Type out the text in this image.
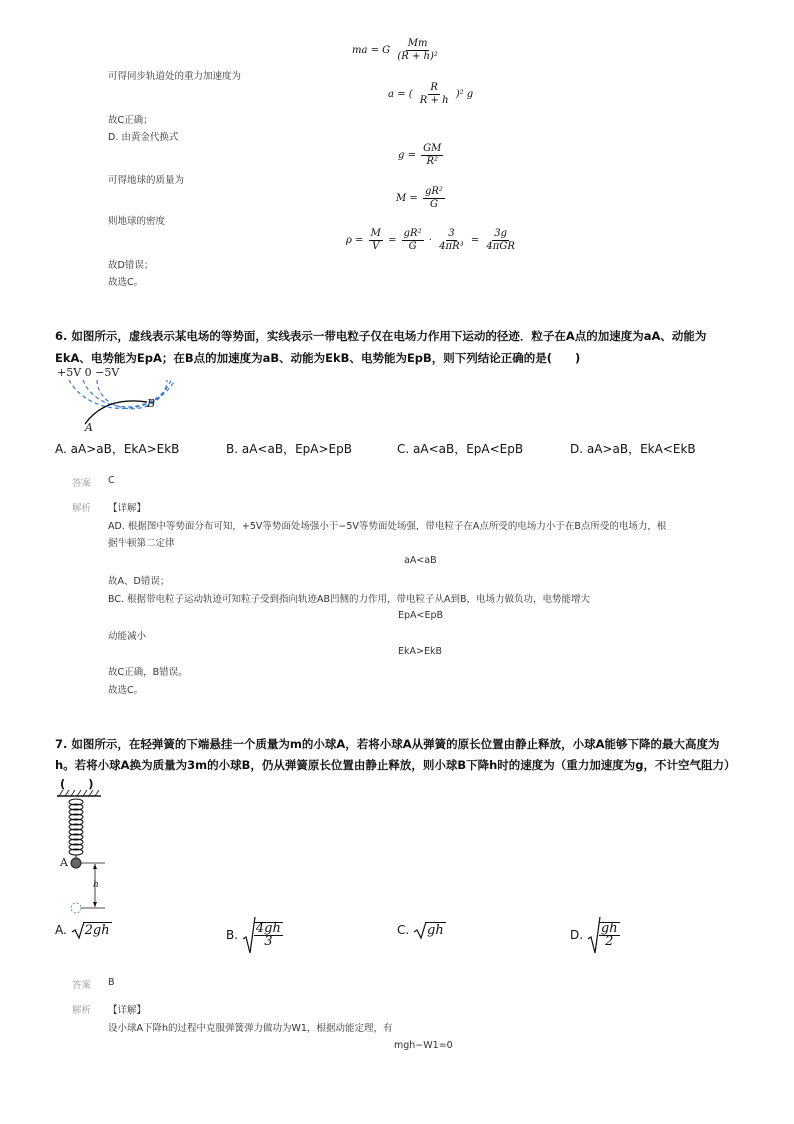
ma = G $\frac{Mm}{\text{(R + h)²}}$
可得同步轨道处的重力加速度为
a = ( $\frac{R}{R + h} )^2$ g
故C正确；
D. 由黄金代换式
$g = \frac{GM}{\text{R²}}$
可得地球的质量为
$M = \frac{\text{gR²}}{G}$
则地球的密度
$\rho = \frac{M}{V} = \frac{\text{gR²}}{G} \cdot \frac{3}{\text{4πR³}} = \frac{3g}{\text{4πGR}}$
故D错误；
故选C。
6. 如图所示，虚线表示某电场的等势面，实线表示一带电粒子仅在电场力作用下运动的径迹．粒子在A点的加速度为aA、动能为
EkA、电势能为EpA；在B点的加速度为aB、动能为EkB、电势能为EpB，则下列结论正确的是(　　)
+5V 0 −5V
A
B
A. aA>aB，EkA>EkB	B. aA<aB，EpA>EpB	C. aA<aB，EpA<EpB	D. aA>aB，EkA<EkB
答案 C
解析 【详解】
AD. 根据图中等势面分布可知，+5V等势面处场强小于−5V等势面处场强，带电粒子在A点所受的电场力小于在B点所受的电场力，根
据牛顿第二定律
aA<aB
故A、D错误；
BC. 根据带电粒子运动轨迹可知粒子受到指向轨迹AB凹侧的力作用，带电粒子从A到B，电场力做负功，电势能增大
EpA<EpB
动能减小
EkA>EkB
故C正确，B错误。
故选C。
7. 如图所示，在轻弹簧的下端悬挂一个质量为m的小球A，若将小球A从弹簧的原长位置由静止释放，小球A能够下降的最大高度为
h。若将小球A换为质量为3m的小球B，仍从弹簧原长位置由静止释放，则小球B下降h时的速度为（重力加速度为g，不计空气阻力）
(　　)
A
h
A. 2gh	B. $\frac{4gh}{3}$	C. gh	D. $\frac{gh}{2}$
答案 B
解析 【详解】
设小球A下降h的过程中克服弹簧弹力做功为W1，根据动能定理，有
mgh−W1=0
